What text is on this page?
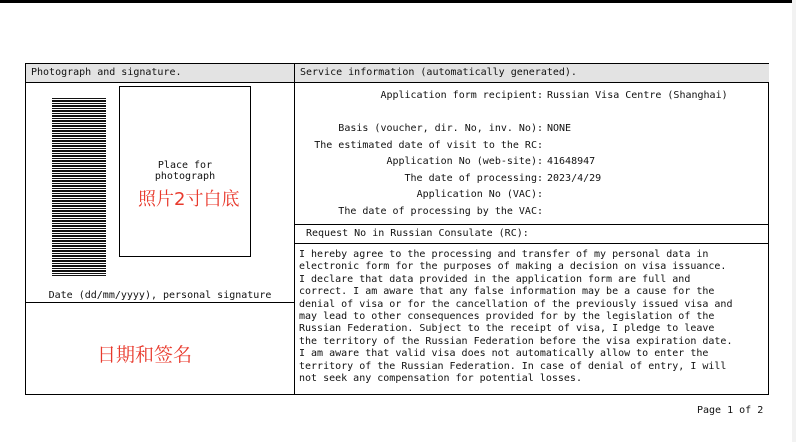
Photograph and signature.	Service information (automatically generated).
Place for
photograph
照片2寸白底
Date (dd/mm/yyyy), personal signature
日期和签名
Application form recipient: Russian Visa Centre (Shanghai)
Basis (voucher, dir. No, inv. No): NONE
The estimated date of visit to the RC:
Application No (web-site): 41648947
The date of processing: 2023/4/29
Application No (VAC):
The date of processing by the VAC:
Request No in Russian Consulate (RC):
I hereby agree to the processing and transfer of my personal data in
electronic form for the purposes of making a decision on visa issuance.
I declare that data provided in the application form are full and
correct. I am aware that any false information may be a cause for the
denial of visa or for the cancellation of the previously issued visa and
may lead to other consequences provided for by the legislation of the
Russian Federation. Subject to the receipt of visa, I pledge to leave
the territory of the Russian Federation before the visa expiration date.
I am aware that valid visa does not automatically allow to enter the
territory of the Russian Federation. In case of denial of entry, I will
not seek any compensation for potential losses.
Page 1 of 2
